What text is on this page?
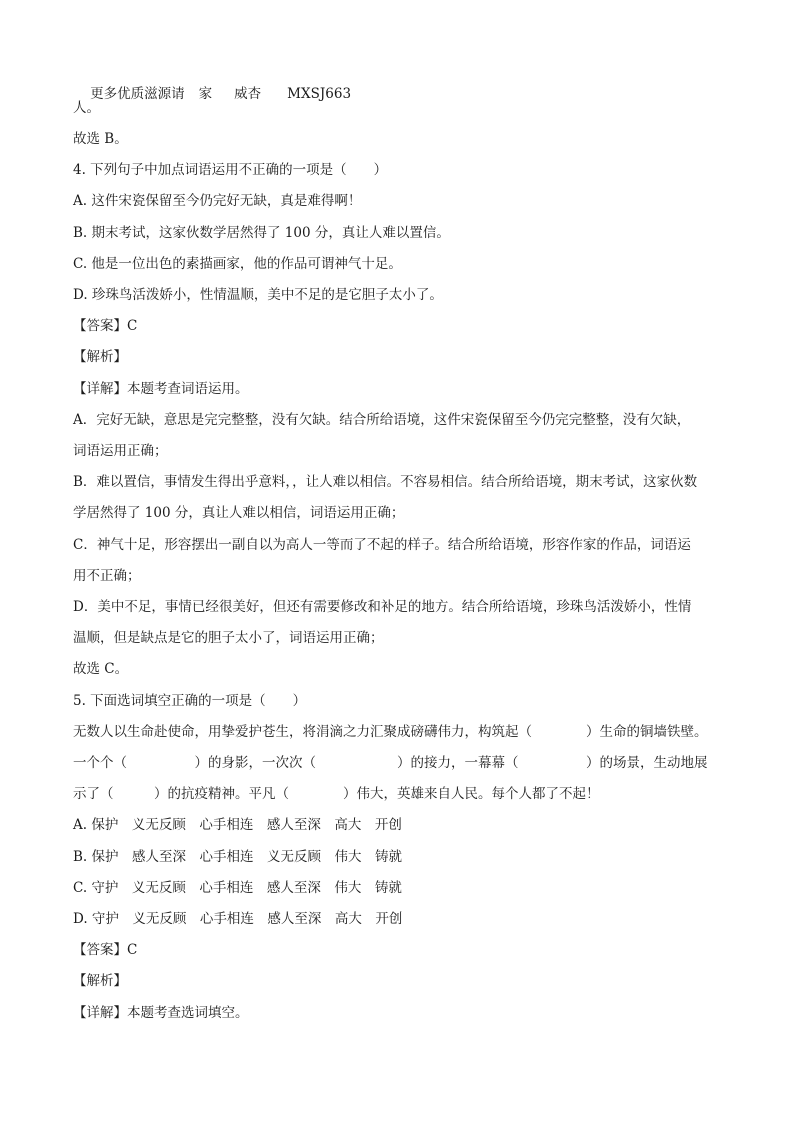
更多优质滋源请 家 威杏 MXSJ663

人。
故选 B。
4. 下列句子中加点词语运用不正确的一项是（　　）
A. 这件宋瓷保留至今仍完好无缺，真是难得啊！
B. 期末考试，这家伙数学居然得了 100 分，真让人难以置信。
C. 他是一位出色的素描画家，他的作品可谓神气十足。
D. 珍珠鸟活泼娇小，性情温顺，美中不足的是它胆子太小了。
【答案】C
【解析】
【详解】本题考查词语运用。
A．完好无缺，意思是完完整整，没有欠缺。结合所给语境，这件宋瓷保留至今仍完完整整，没有欠缺，
词语运用正确；
B．难以置信，事情发生得出乎意料，，让人难以相信。不容易相信。结合所给语境，期末考试，这家伙数
学居然得了 100 分，真让人难以相信，词语运用正确；
C．神气十足，形容摆出一副自以为高人一等而了不起的样子。结合所给语境，形容作家的作品，词语运
用不正确；
D．美中不足，事情已经很美好，但还有需要修改和补足的地方。结合所给语境，珍珠鸟活泼娇小，性情
温顺，但是缺点是它的胆子太小了，词语运用正确；
故选 C。
5. 下面选词填空正确的一项是（　　）
无数人以生命赴使命，用挚爱护苍生，将涓滴之力汇聚成磅礴伟力，构筑起（　　　　）生命的铜墙铁壁。
一个个（　　　　　）的身影，一次次（　　　　　　）的接力，一幕幕（　　　　　）的场景，生动地展
示了（　　　）的抗疫精神。平凡（　　　　）伟大，英雄来自人民。每个人都了不起！
A. 保护　义无反顾　心手相连　感人至深　高大　开创
B. 保护　感人至深　心手相连　义无反顾　伟大　铸就
C. 守护　义无反顾　心手相连　感人至深　伟大　铸就
D. 守护　义无反顾　心手相连　感人至深　高大　开创
【答案】C
【解析】
【详解】本题考查选词填空。
